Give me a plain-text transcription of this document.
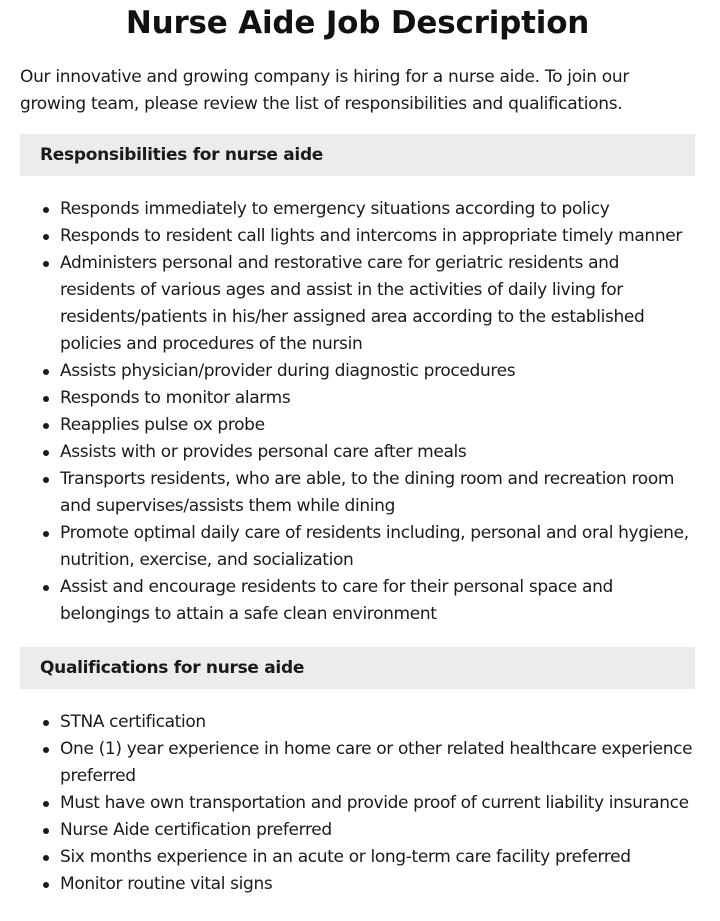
Nurse Aide Job Description

Our innovative and growing company is hiring for a nurse aide. To join our growing team, please review the list of responsibilities and qualifications.

Responsibilities for nurse aide
Responds immediately to emergency situations according to policy
Responds to resident call lights and intercoms in appropriate timely manner
Administers personal and restorative care for geriatric residents and residents of various ages and assist in the activities of daily living for residents/patients in his/her assigned area according to the established policies and procedures of the nursin
Assists physician/provider during diagnostic procedures
Responds to monitor alarms
Reapplies pulse ox probe
Assists with or provides personal care after meals
Transports residents, who are able, to the dining room and recreation room and supervises/assists them while dining
Promote optimal daily care of residents including, personal and oral hygiene, nutrition, exercise, and socialization
Assist and encourage residents to care for their personal space and belongings to attain a safe clean environment
Qualifications for nurse aide
STNA certification
One (1) year experience in home care or other related healthcare experience preferred
Must have own transportation and provide proof of current liability insurance
Nurse Aide certification preferred
Six months experience in an acute or long-term care facility preferred
Monitor routine vital signs
